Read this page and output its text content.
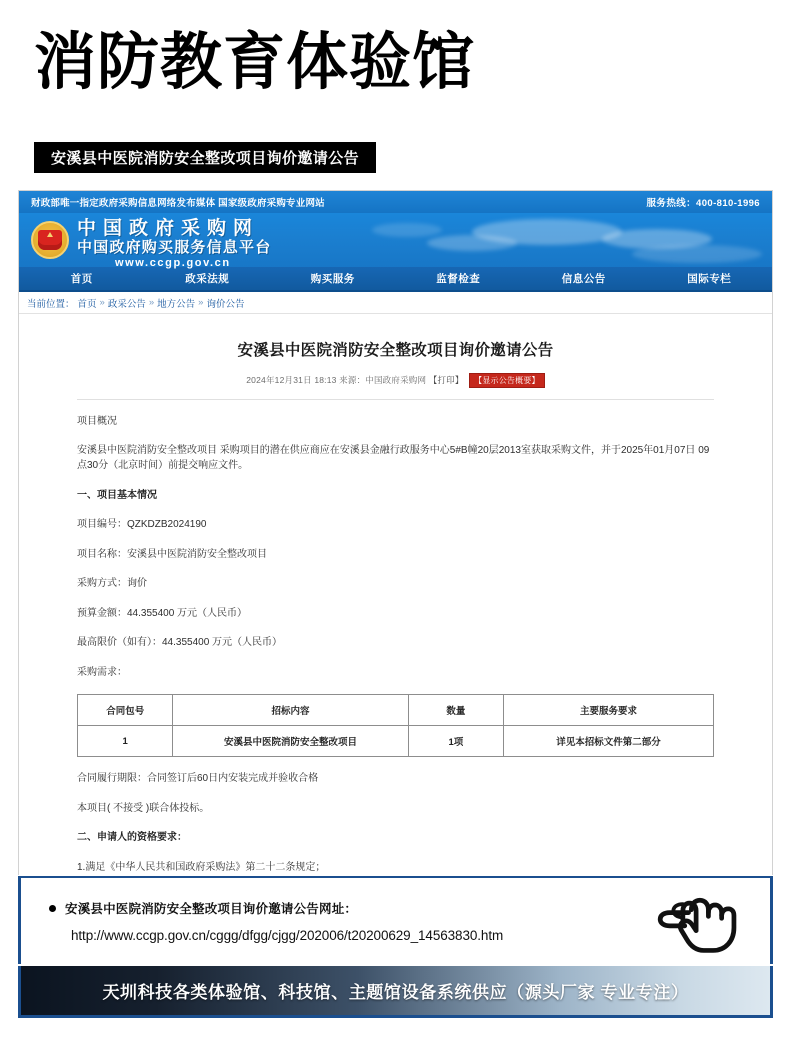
消防教育体验馆
安溪县中医院消防安全整改项目询价邀请公告
财政部唯一指定政府采购信息网络发布媒体 国家级政府采购专业网站	服务热线：400-810-1996
中国政府采购网
中国政府购买服务信息平台
www.ccgp.gov.cn
首页	政采法规	购买服务	监督检查	信息公告	国际专栏
当前位置： 首页 » 政采公告 » 地方公告 » 询价公告
安溪县中医院消防安全整改项目询价邀请公告
2024年12月31日 18:13 来源：中国政府采购网 【打印】 【显示公告概要】
项目概况
安溪县中医院消防安全整改项目 采购项目的潜在供应商应在安溪县金融行政服务中心5#B幢20层2013室获取采购文件，并于2025年01月07日 09点30分（北京时间）前提交响应文件。
一、项目基本情况
项目编号：QZKDZB2024190
项目名称：安溪县中医院消防安全整改项目
采购方式：询价
预算金额：44.355400 万元（人民币）
最高限价（如有）：44.355400 万元（人民币）
采购需求：
合同包号	招标内容	数量	主要服务要求
1	安溪县中医院消防安全整改项目	1项	详见本招标文件第二部分
合同履行期限：合同签订后60日内安装完成并验收合格
本项目( 不接受 )联合体投标。
二、申请人的资格要求：
1.满足《中华人民共和国政府采购法》第二十二条规定；
安溪县中医院消防安全整改项目询价邀请公告网址：
http://www.ccgp.gov.cn/cggg/dfgg/cjgg/202006/t20200629_14563830.htm
天圳科技各类体验馆、科技馆、主题馆设备系统供应（源头厂家 专业专注）
